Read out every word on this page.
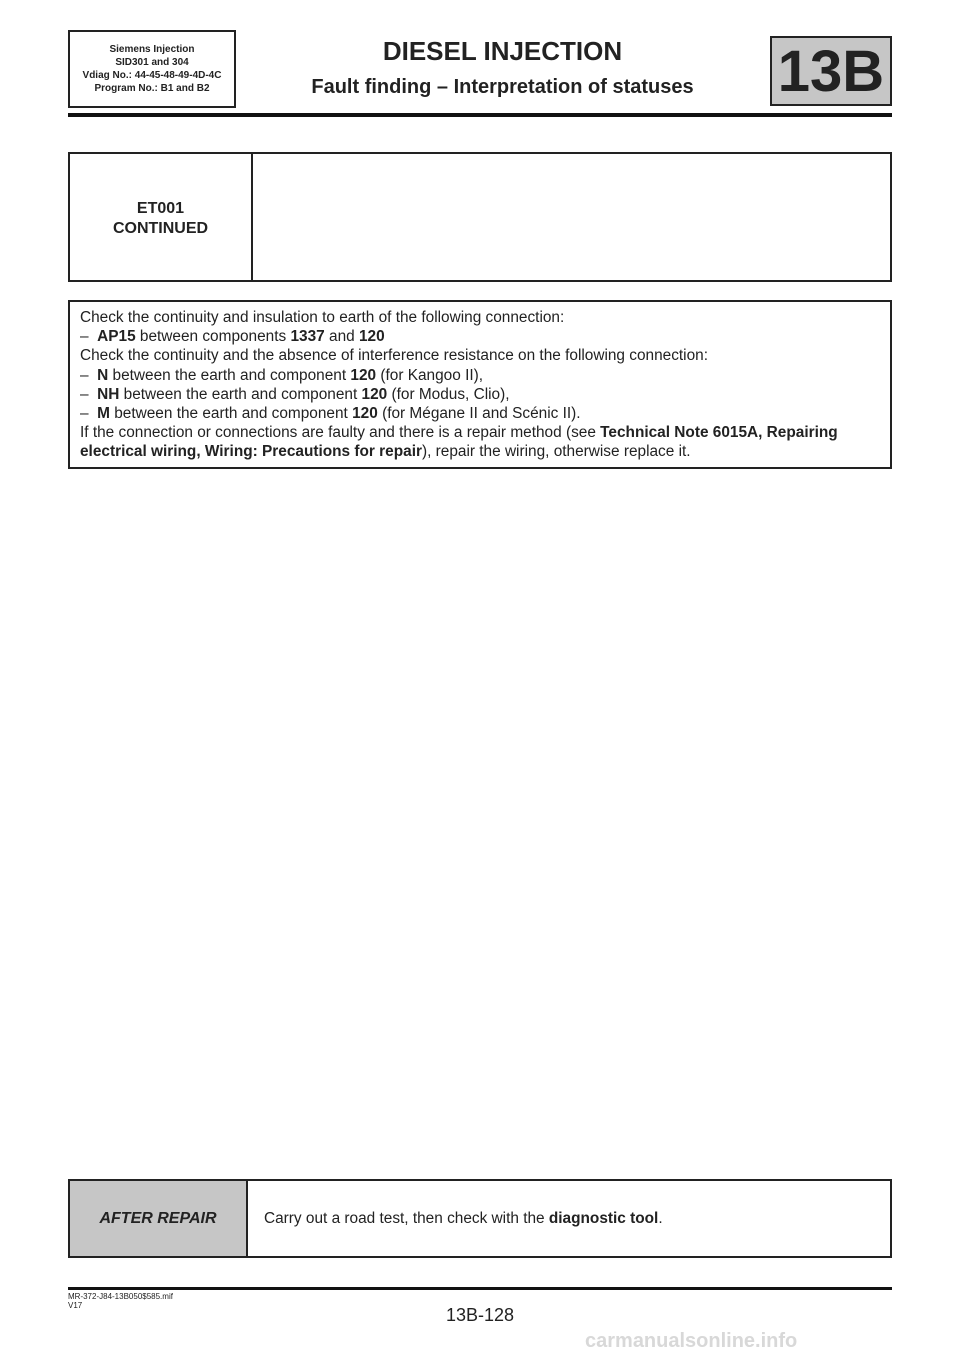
Siemens Injection
SID301 and 304
Vdiag No.: 44-45-48-49-4D-4C
Program No.: B1 and B2
DIESEL INJECTION
Fault finding – Interpretation of statuses	13B
ET001
CONTINUED

Check the continuity and insulation to earth of the following connection:

– AP15 between components 1337 and 120

Check the continuity and the absence of interference resistance on the following connection:

– N between the earth and component 120 (for Kangoo II),

– NH between the earth and component 120 (for Modus, Clio),

– M between the earth and component 120 (for Mégane II and Scénic II).

If the connection or connections are faulty and there is a repair method (see Technical Note 6015A, Repairing electrical wiring, Wiring: Precautions for repair), repair the wiring, otherwise replace it.

AFTER REPAIR	Carry out a road test, then check with the diagnostic tool.
MR-372-J84-13B050$585.mif
V17	13B-128
carmanualsonline.info
